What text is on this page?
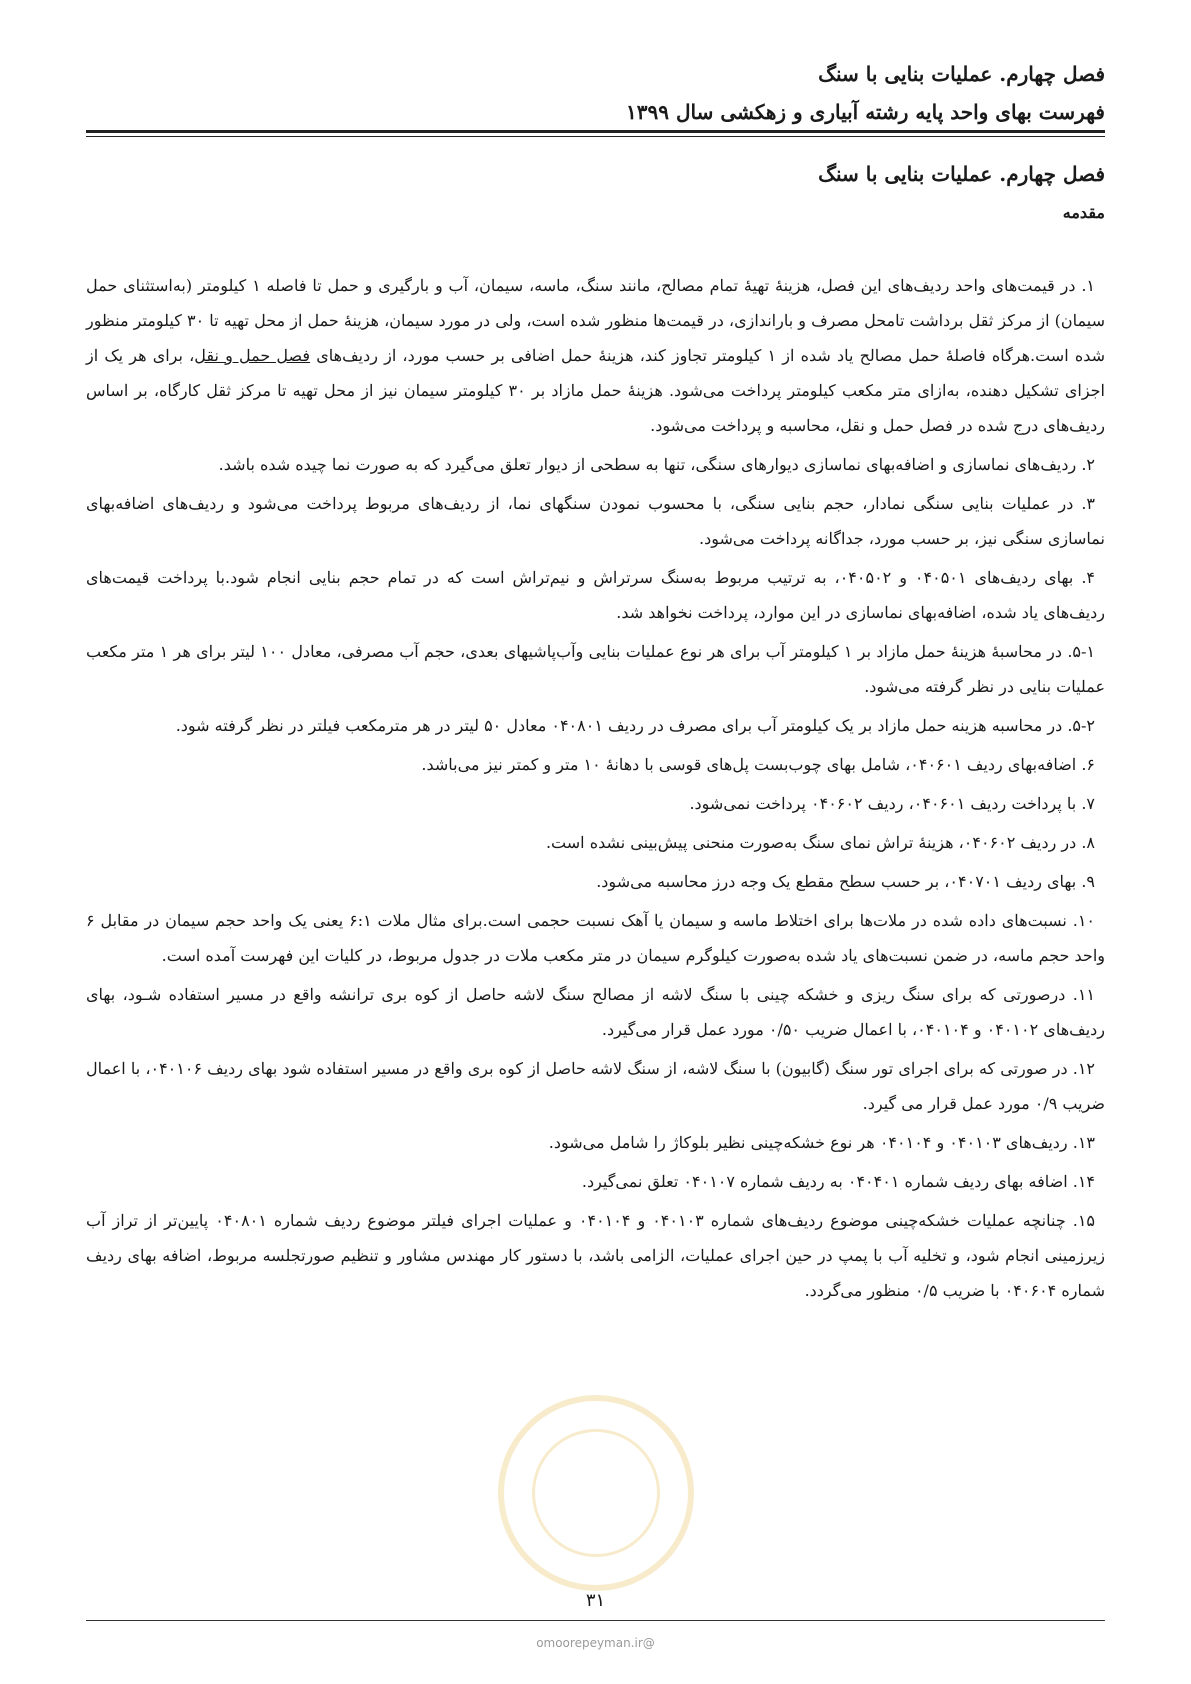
فصل چهارم. عملیات بنایی با سنگ
فهرست بهای واحد پایه رشته آبیاری و زهکشی سال ۱۳۹۹
فصل چهارم. عملیات بنایی با سنگ
مقدمه

۱. در قیمت‌های واحد ردیف‌های این فصل، هزینهٔ تهیهٔ تمام مصالح، مانند سنگ، ماسه، سیمان، آب و بارگیری و حمل تا فاصله ۱ کیلومتر (به‌استثنای حمل سیمان) از مرکز ثقل برداشت تامحل مصرف و باراندازی، در قیمت‌ها منظور شده است، ولی در مورد سیمان، هزینهٔ حمل از محل تهیه تا ۳۰ کیلومتر منظور شده است.هرگاه فاصلهٔ حمل مصالح یاد شده از ۱ کیلومتر تجاوز کند، هزینهٔ حمل اضافی بر حسب مورد، از ردیف‌های فصل حمل و نقل، برای هر یک از اجزای تشکیل دهنده، به‌ازای متر مکعب کیلومتر پرداخت می‌شود. هزینهٔ حمل مازاد بر ۳۰ کیلومتر سیمان نیز از محل تهیه تا مرکز ثقل کارگاه، بر اساس ردیف‌های درج شده در فصل حمل و نقل، محاسبه و پرداخت می‌شود.

۲. ردیف‌های نماسازی و اضافه‌بهای نماسازی دیوارهای سنگی، تنها به سطحی از دیوار تعلق می‌گیرد که به صورت نما چیده شده باشد.

۳. در عملیات بنایی سنگی نمادار، حجم بنایی سنگی، با محسوب نمودن سنگهای نما، از ردیف‌های مربوط پرداخت می‌شود و ردیف‌های اضافه‌بهای نماسازی سنگی نیز، بر حسب مورد، جداگانه پرداخت می‌شود.

۴. بهای ردیف‌های ۰۴۰۵۰۱ و ۰۴۰۵۰۲، به ترتیب مربوط به‌سنگ سرتراش و نیم‌تراش است که در تمام حجم بنایی انجام شود.با پرداخت قیمت‌های ردیف‌های یاد شده، اضافه‌بهای نماسازی در این موارد، پرداخت نخواهد شد.

۵-۱. در محاسبهٔ هزینهٔ حمل مازاد بر ۱ کیلومتر آب برای هر نوع عملیات بنایی وآب‌پاشیهای بعدی، حجم آب مصرفی، معادل ۱۰۰ لیتر برای هر ۱ متر مکعب عملیات بنایی در نظر گرفته می‌شود.

۵-۲. در محاسبه هزینه حمل مازاد بر یک کیلومتر آب برای مصرف در ردیف ۰۴۰۸۰۱ معادل ۵۰ لیتر در هر مترمکعب فیلتر در نظر گرفته شود.

۶. اضافه‌بهای ردیف ۰۴۰۶۰۱، شامل بهای چوب‌بست پل‌های قوسی با دهانهٔ ۱۰ متر و کمتر نیز می‌باشد.

۷. با پرداخت ردیف ۰۴۰۶۰۱، ردیف ۰۴۰۶۰۲ پرداخت نمی‌شود.

۸. در ردیف ۰۴۰۶۰۲، هزینهٔ تراش نمای سنگ به‌صورت منحنی پیش‌بینی نشده است.

۹. بهای ردیف ۰۴۰۷۰۱، بر حسب سطح مقطع یک وجه درز محاسبه می‌شود.

۱۰. نسبت‌های داده شده در ملات‌ها برای اختلاط ماسه و سیمان یا آهک نسبت حجمی است.برای مثال ملات ۶:۱ یعنی یک واحد حجم سیمان در مقابل ۶ واحد حجم ماسه، در ضمن نسبت‌های یاد شده به‌صورت کیلوگرم سیمان در متر مکعب ملات در جدول مربوط، در کلیات این فهرست آمده است.

۱۱. درصورتی که برای سنگ ریزی و خشکه چینی با سنگ لاشه از مصالح سنگ لاشه حاصل از کوه بری ترانشه واقع در مسیر استفاده شـود، بهای ردیف‌های ۰۴۰۱۰۲ و ۰۴۰۱۰۴، با اعمال ضریب ۰/۵۰ مورد عمل قرار می‌گیرد.

۱۲. در صورتی که برای اجرای تور سنگ (گابیون) با سنگ لاشه، از سنگ لاشه حاصل از کوه بری واقع در مسیر استفاده شود بهای ردیف ۰۴۰۱۰۶، با اعمال ضریب ۰/۹ مورد عمل قرار می گیرد.

۱۳. ردیف‌های ۰۴۰۱۰۳ و ۰۴۰۱۰۴ هر نوع خشکه‌چینی نظیر بلوکاژ را شامل می‌شود.

۱۴. اضافه بهای ردیف شماره ۰۴۰۴۰۱ به ردیف شماره ۰۴۰۱۰۷ تعلق نمی‌گیرد.

۱۵. چنانچه عملیات خشکه‌چینی موضوع ردیف‌های شماره ۰۴۰۱۰۳ و ۰۴۰۱۰۴ و عملیات اجرای فیلتر موضوع ردیف شماره ۰۴۰۸۰۱ پایین‌تر از تراز آب زیرزمینی انجام شود، و تخلیه آب با پمپ در حین اجرای عملیات، الزامی باشد، با دستور کار مهندس مشاور و تنظیم صورتجلسه مربوط، اضافه بهای ردیف شماره ۰۴۰۶۰۴ با ضریب ۰/۵ منظور می‌گردد.

۳۱
@omoorepeyman.ir
